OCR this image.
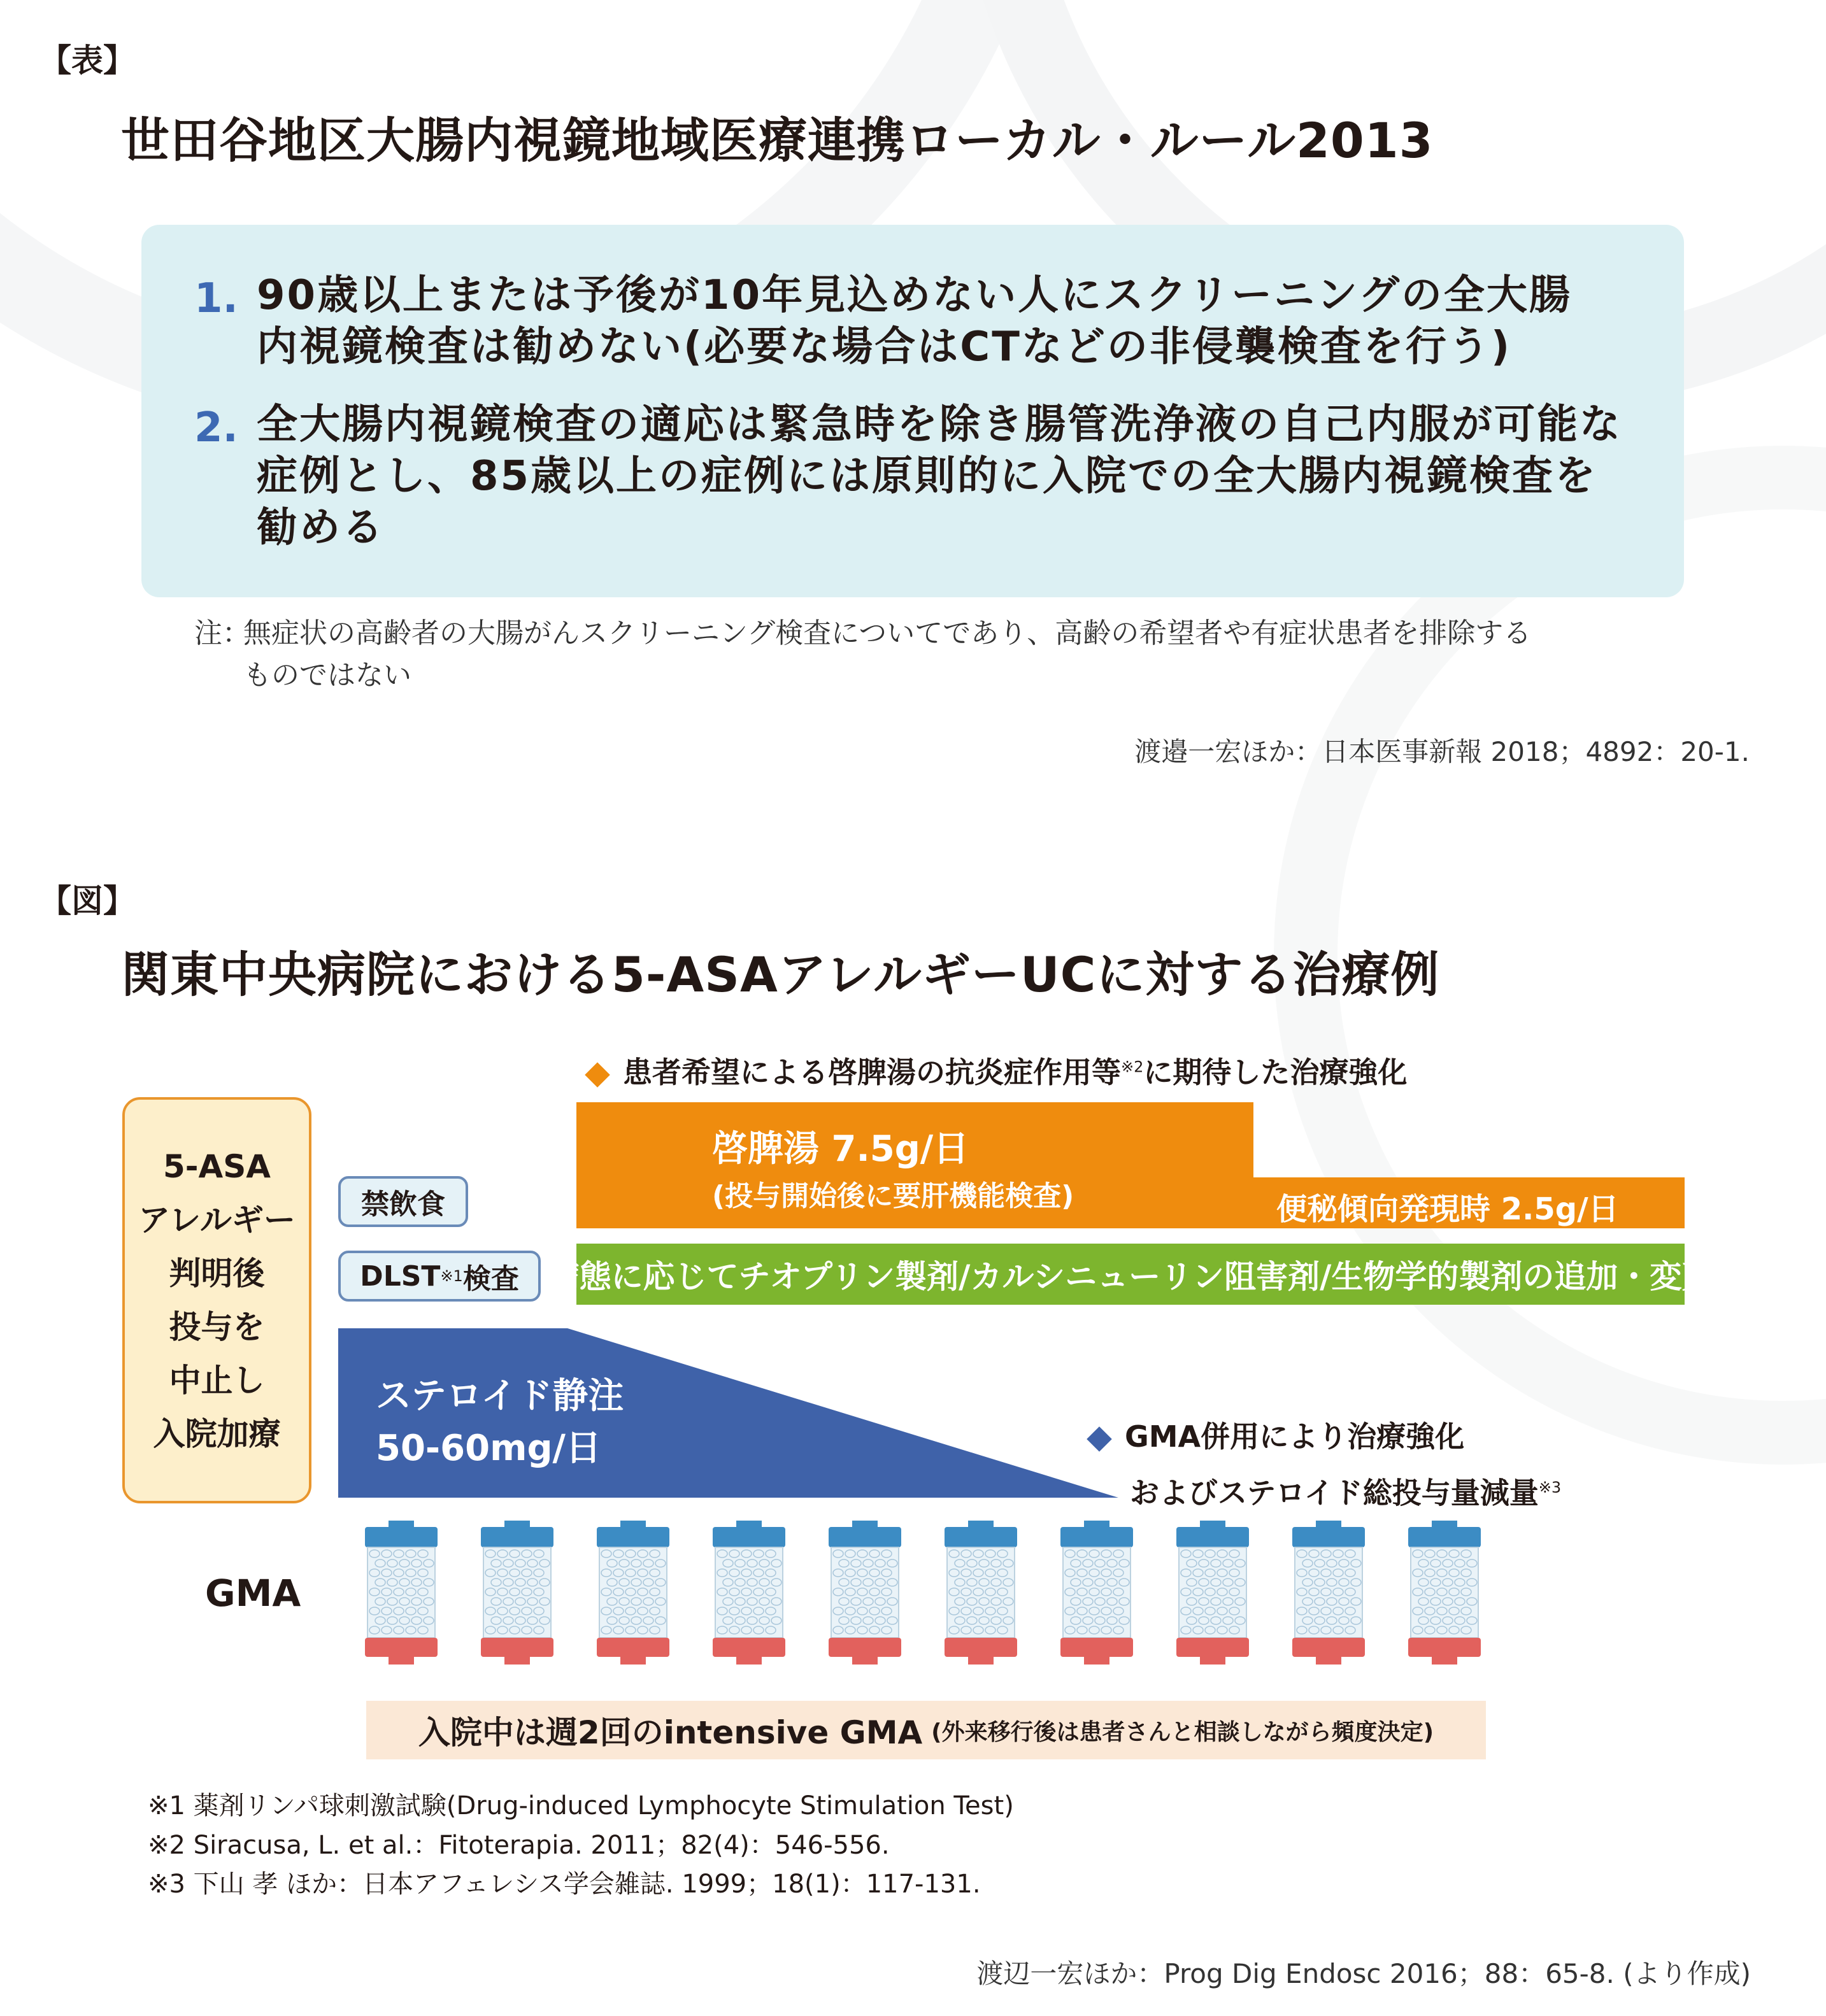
【表】
世田谷地区大腸内視鏡地域医療連携ローカル・ルール2013
1. 90歳以上または予後が10年見込めない人にスクリーニングの全大腸
内視鏡検査は勧めない(必要な場合はCTなどの非侵襲検査を行う)
2. 全大腸内視鏡検査の適応は緊急時を除き腸管洗浄液の自己内服が可能な
症例とし、85歳以上の症例には原則的に入院での全大腸内視鏡検査を
勧める
注：
無症状の高齢者の大腸がんスクリーニング検査についてであり、高齢の希望者や有症状患者を排除する
ものではない
渡邉一宏ほか：日本医事新報 2018；4892：20-1.
【図】
関東中央病院における5-ASAアレルギーUCに対する治療例
5-ASA
アレルギー
判明後
投与を
中止し
入院加療
禁飲食
DLST ※1 検査
患者希望による啓脾湯の抗炎症作用等$^{※2}$に期待した治療強化
啓脾湯 7.5g/日
(投与開始後に要肝機能検査)	便秘傾向発現時 2.5g/日
病態に応じてチオプリン製剤/カルシニューリン阻害剤/生物学的製剤の追加・変更
ステロイド静注
50-60mg/日	GMA併用により治療強化
およびステロイド総投与量減量$^{※3}$
GMA
入院中は週2回のintensive GMA (外来移行後は患者さんと相談しながら頻度決定)
※1 薬剤リンパ球刺激試験(Drug-induced Lymphocyte Stimulation Test)
※2 Siracusa, L. et al.：Fitoterapia. 2011；82(4)：546-556.
※3 下山 孝 ほか：日本アフェレシス学会雑誌. 1999；18(1)：117-131.
渡辺一宏ほか：Prog Dig Endosc 2016；88：65-8. (より作成)
